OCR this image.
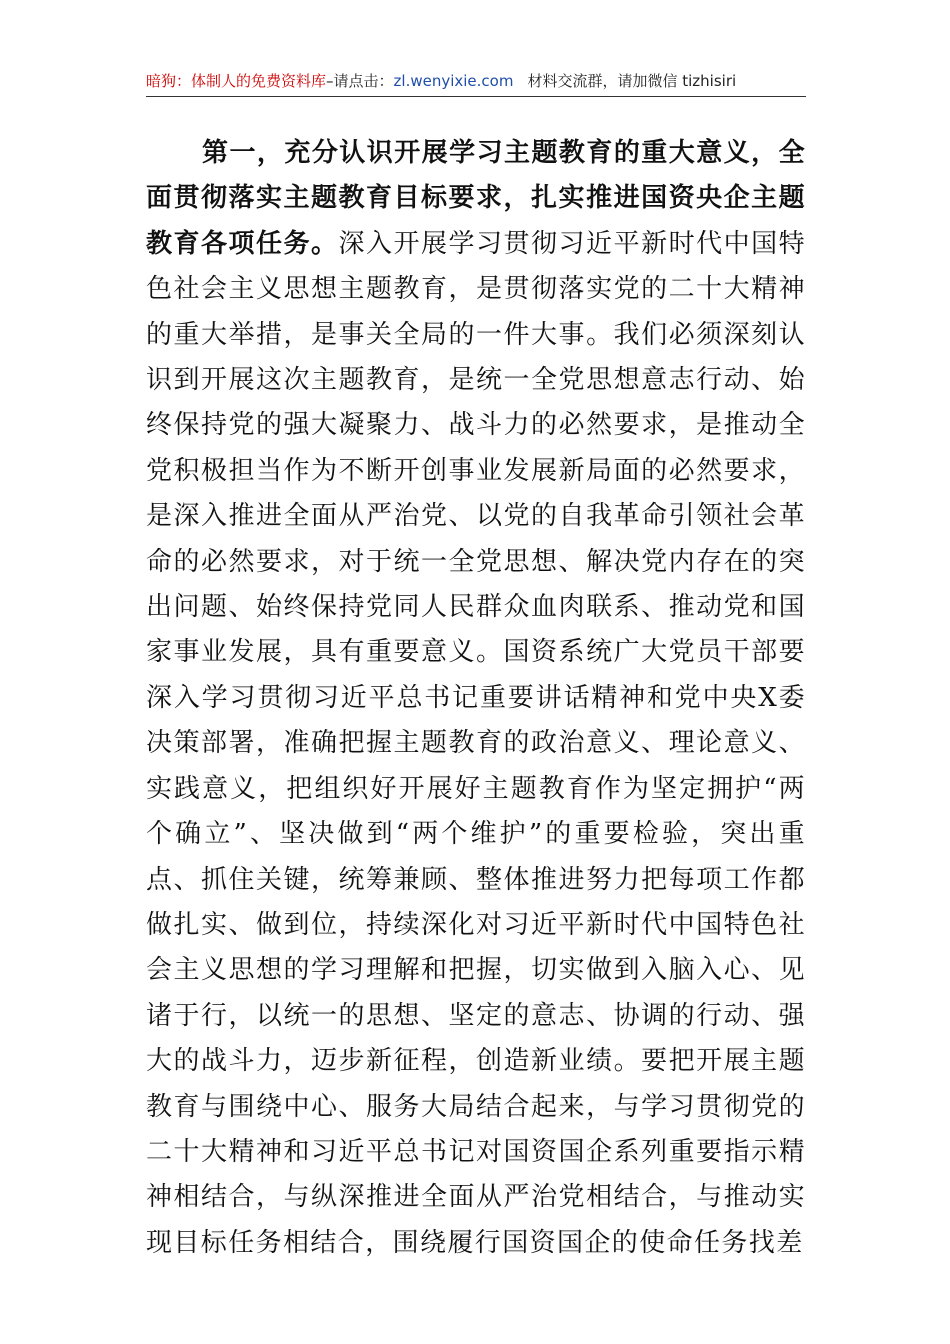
暗狗：体制人的免费资料库–请点击：zl.wenyixie.com 材料交流群，请加微信 tizhisiri

第一，充分认识开展学习主题教育的重大意义，全面贯彻落实主题教育目标要求，扎实推进国资央企主题教育各项任务。深入开展学习贯彻习近平新时代中国特色社会主义思想主题教育，是贯彻落实党的二十大精神的重大举措，是事关全局的一件大事。我们必须深刻认识到开展这次主题教育，是统一全党思想意志行动、始终保持党的强大凝聚力、战斗力的必然要求，是推动全党积极担当作为不断开创事业发展新局面的必然要求，是深入推进全面从严治党、以党的自我革命引领社会革命的必然要求，对于统一全党思想、解决党内存在的突出问题、始终保持党同人民群众血肉联系、推动党和国家事业发展，具有重要意义。国资系统广大党员干部要深入学习贯彻习近平总书记重要讲话精神和党中央X委决策部署，准确把握主题教育的政治意义、理论意义、实践意义，把组织好开展好主题教育作为坚定拥护“两个确立”、坚决做到“两个维护”的重要检验，突出重点、抓住关键，统筹兼顾、整体推进努力把每项工作都做扎实、做到位，持续深化对习近平新时代中国特色社会主义思想的学习理解和把握，切实做到入脑入心、见诸于行，以统一的思想、坚定的意志、协调的行动、强大的战斗力，迈步新征程，创造新业绩。要把开展主题教育与围绕中心、服务大局结合起来，与学习贯彻党的二十大精神和习近平总书记对国资国企系列重要指示精神相结合，与纵深推进全面从严治党相结合，与推动实现目标任务相结合，围绕履行国资国企的使命任务找差
